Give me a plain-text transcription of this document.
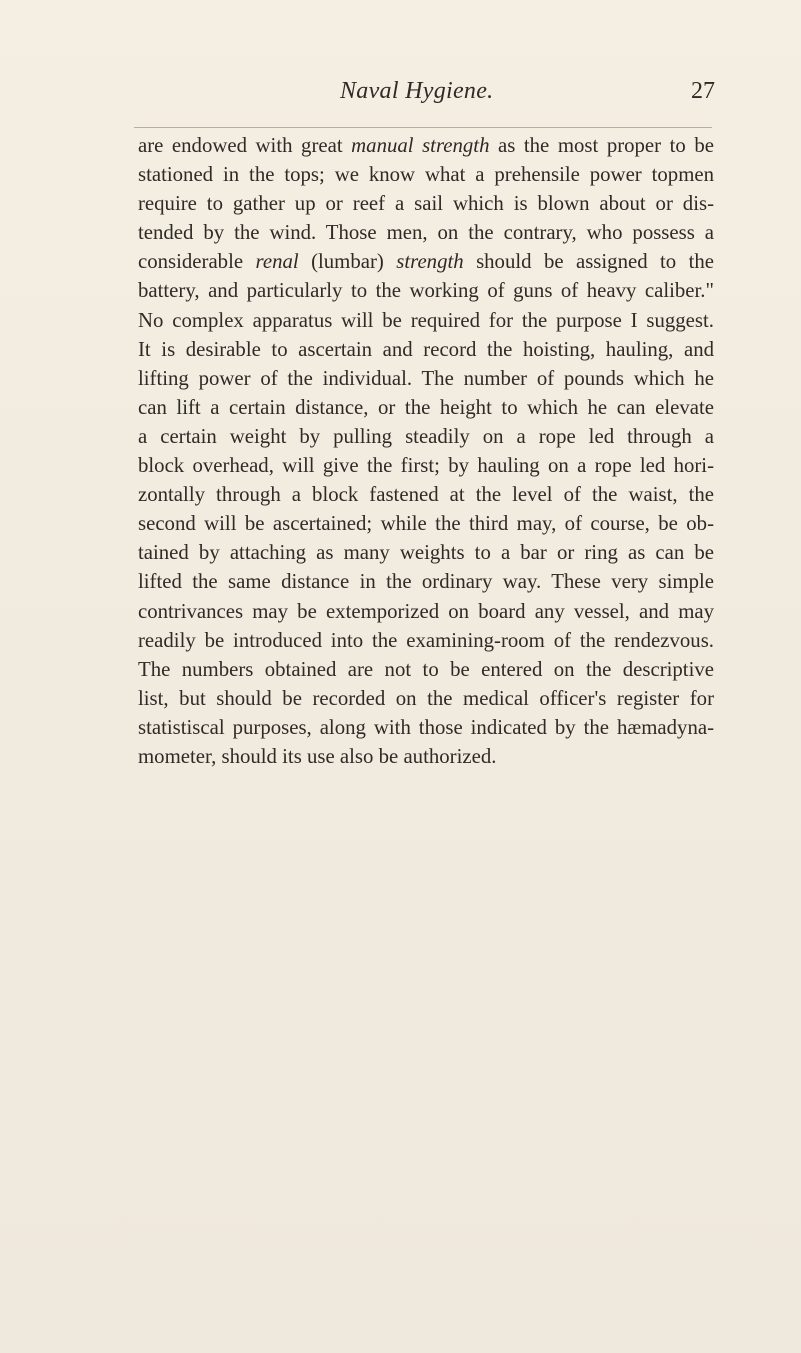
Naval Hygiene.	27
are endowed with great manual strength as the most proper to be
stationed in the tops; we know what a prehensile power topmen
require to gather up or reef a sail which is blown about or dis-
tended by the wind. Those men, on the contrary, who possess a
considerable renal (lumbar) strength should be assigned to the
battery, and particularly to the working of guns of heavy caliber."
No complex apparatus will be required for the purpose I suggest.
It is desirable to ascertain and record the hoisting, hauling, and
lifting power of the individual. The number of pounds which he
can lift a certain distance, or the height to which he can elevate
a certain weight by pulling steadily on a rope led through a
block overhead, will give the first; by hauling on a rope led hori-
zontally through a block fastened at the level of the waist, the
second will be ascertained; while the third may, of course, be ob-
tained by attaching as many weights to a bar or ring as can be
lifted the same distance in the ordinary way. These very simple
contrivances may be extemporized on board any vessel, and may
readily be introduced into the examining-room of the rendezvous.
The numbers obtained are not to be entered on the descriptive
list, but should be recorded on the medical officer's register for
statistiscal purposes, along with those indicated by the hæmadyna-
mometer, should its use also be authorized.
